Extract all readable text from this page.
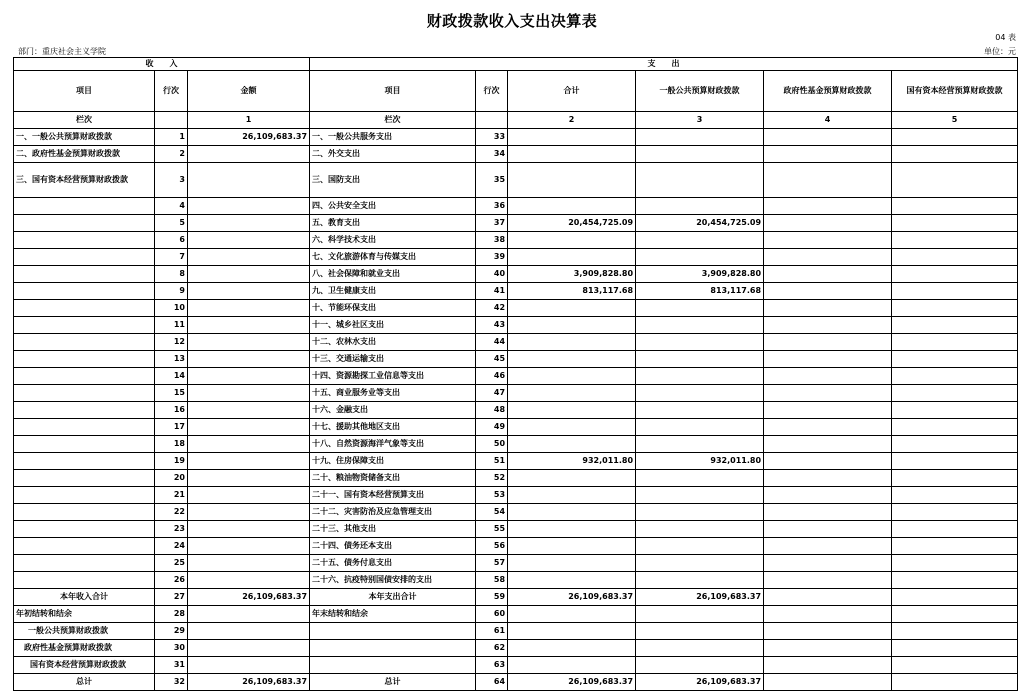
财政拨款收入支出决算表
04 表
部门：重庆社会主义学院	单位：元
收　　入			支　　出					
项目	行次	金额	项目	行次	合计	一般公共预算财政拨款	政府性基金预算财政拨款	国有资本经营预算财政拨款
栏次		1	栏次		2	3	4	5
一、一般公共预算财政拨款	1	26,109,683.37	一、一般公共服务支出	33				
二、政府性基金预算财政拨款	2		二、外交支出	34				
三、国有资本经营预算财政拨款	3		三、国防支出	35				
	4		四、公共安全支出	36				
	5		五、教育支出	37	20,454,725.09	20,454,725.09		
	6		六、科学技术支出	38				
	7		七、文化旅游体育与传媒支出	39				
	8		八、社会保障和就业支出	40	3,909,828.80	3,909,828.80		
	9		九、卫生健康支出	41	813,117.68	813,117.68		
	10		十、节能环保支出	42				
	11		十一、城乡社区支出	43				
	12		十二、农林水支出	44				
	13		十三、交通运输支出	45				
	14		十四、资源勘探工业信息等支出	46				
	15		十五、商业服务业等支出	47				
	16		十六、金融支出	48				
	17		十七、援助其他地区支出	49				
	18		十八、自然资源海洋气象等支出	50				
	19		十九、住房保障支出	51	932,011.80	932,011.80		
	20		二十、粮油物资储备支出	52				
	21		二十一、国有资本经营预算支出	53				
	22		二十二、灾害防治及应急管理支出	54				
	23		二十三、其他支出	55				
	24		二十四、债务还本支出	56				
	25		二十五、债务付息支出	57				
	26		二十六、抗疫特别国债安排的支出	58				
本年收入合计	27	26,109,683.37	本年支出合计	59	26,109,683.37	26,109,683.37		
年初结转和结余	28		年末结转和结余	60				
一般公共预算财政拨款	29			61				
政府性基金预算财政拨款	30			62				
国有资本经营预算财政拨款	31			63				
总计	32	26,109,683.37	总计	64	26,109,683.37	26,109,683.37		
